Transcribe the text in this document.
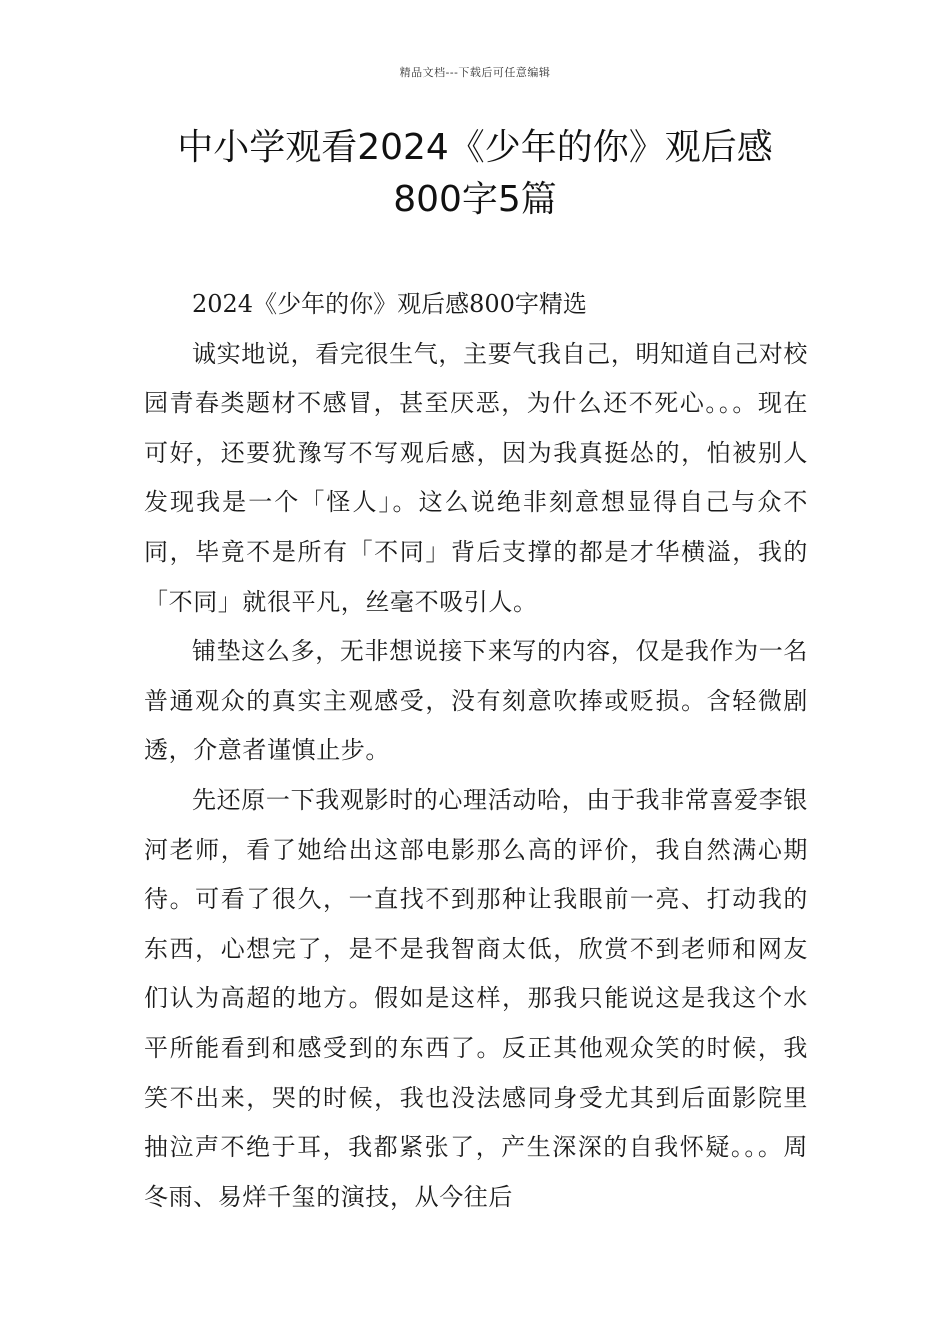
精品文档---下载后可任意编辑
中小学观看2024《少年的你》观后感
800字5篇

2024《少年的你》观后感800字精选

诚实地说，看完很生气，主要气我自己，明知道自己对校园青春类题材不感冒，甚至厌恶，为什么还不死心。。。现在可好，还要犹豫写不写观后感，因为我真挺怂的，怕被别人发现我是一个「怪人」。这么说绝非刻意想显得自己与众不同，毕竟不是所有「不同」背后支撑的都是才华横溢，我的「不同」就很平凡，丝毫不吸引人。

铺垫这么多，无非想说接下来写的内容，仅是我作为一名普通观众的真实主观感受，没有刻意吹捧或贬损。含轻微剧透，介意者谨慎止步。

先还原一下我观影时的心理活动哈，由于我非常喜爱李银河老师，看了她给出这部电影那么高的评价，我自然满心期待。可看了很久，一直找不到那种让我眼前一亮、打动我的东西，心想完了，是不是我智商太低，欣赏不到老师和网友们认为高超的地方。假如是这样，那我只能说这是我这个水平所能看到和感受到的东西了。反正其他观众笑的时候，我笑不出来，哭的时候，我也没法感同身受尤其到后面影院里抽泣声不绝于耳，我都紧张了，产生深深的自我怀疑。。。周冬雨、易烊千玺的演技，从今往后
